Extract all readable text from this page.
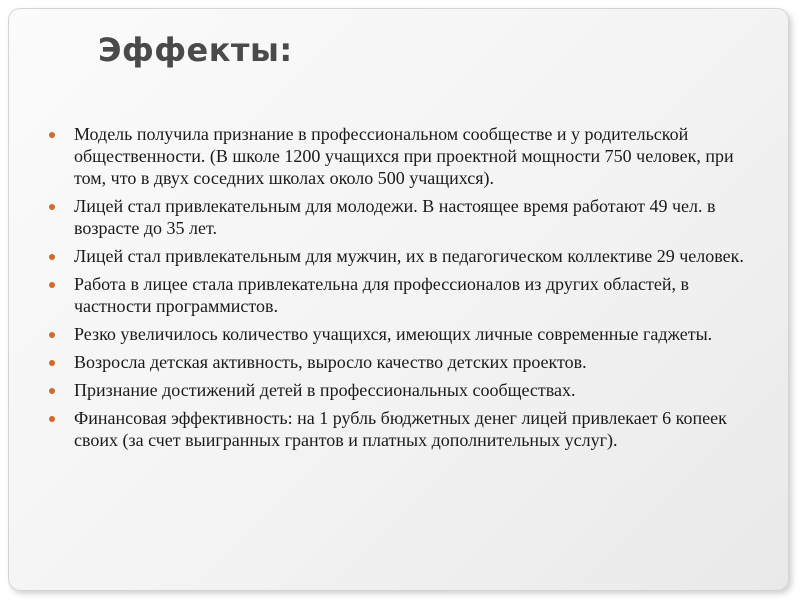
Эффекты:
Модель получила признание в профессиональном сообществе и у родительской общественности. (В школе 1200 учащихся при проектной мощности 750 человек, при том, что в двух соседних школах около 500 учащихся).
Лицей стал привлекательным для молодежи. В настоящее время работают 49 чел. в возрасте до 35 лет.
Лицей стал привлекательным для мужчин, их в педагогическом коллективе 29 человек.
Работа в лицее стала привлекательна для профессионалов из других областей, в частности программистов.
Резко увеличилось количество учащихся, имеющих личные современные гаджеты.
Возросла детская активность, выросло качество детских проектов.
Признание достижений детей в профессиональных сообществах.
Финансовая эффективность: на 1 рубль бюджетных денег лицей привлекает 6 копеек своих (за счет выигранных грантов и платных дополнительных услуг).
